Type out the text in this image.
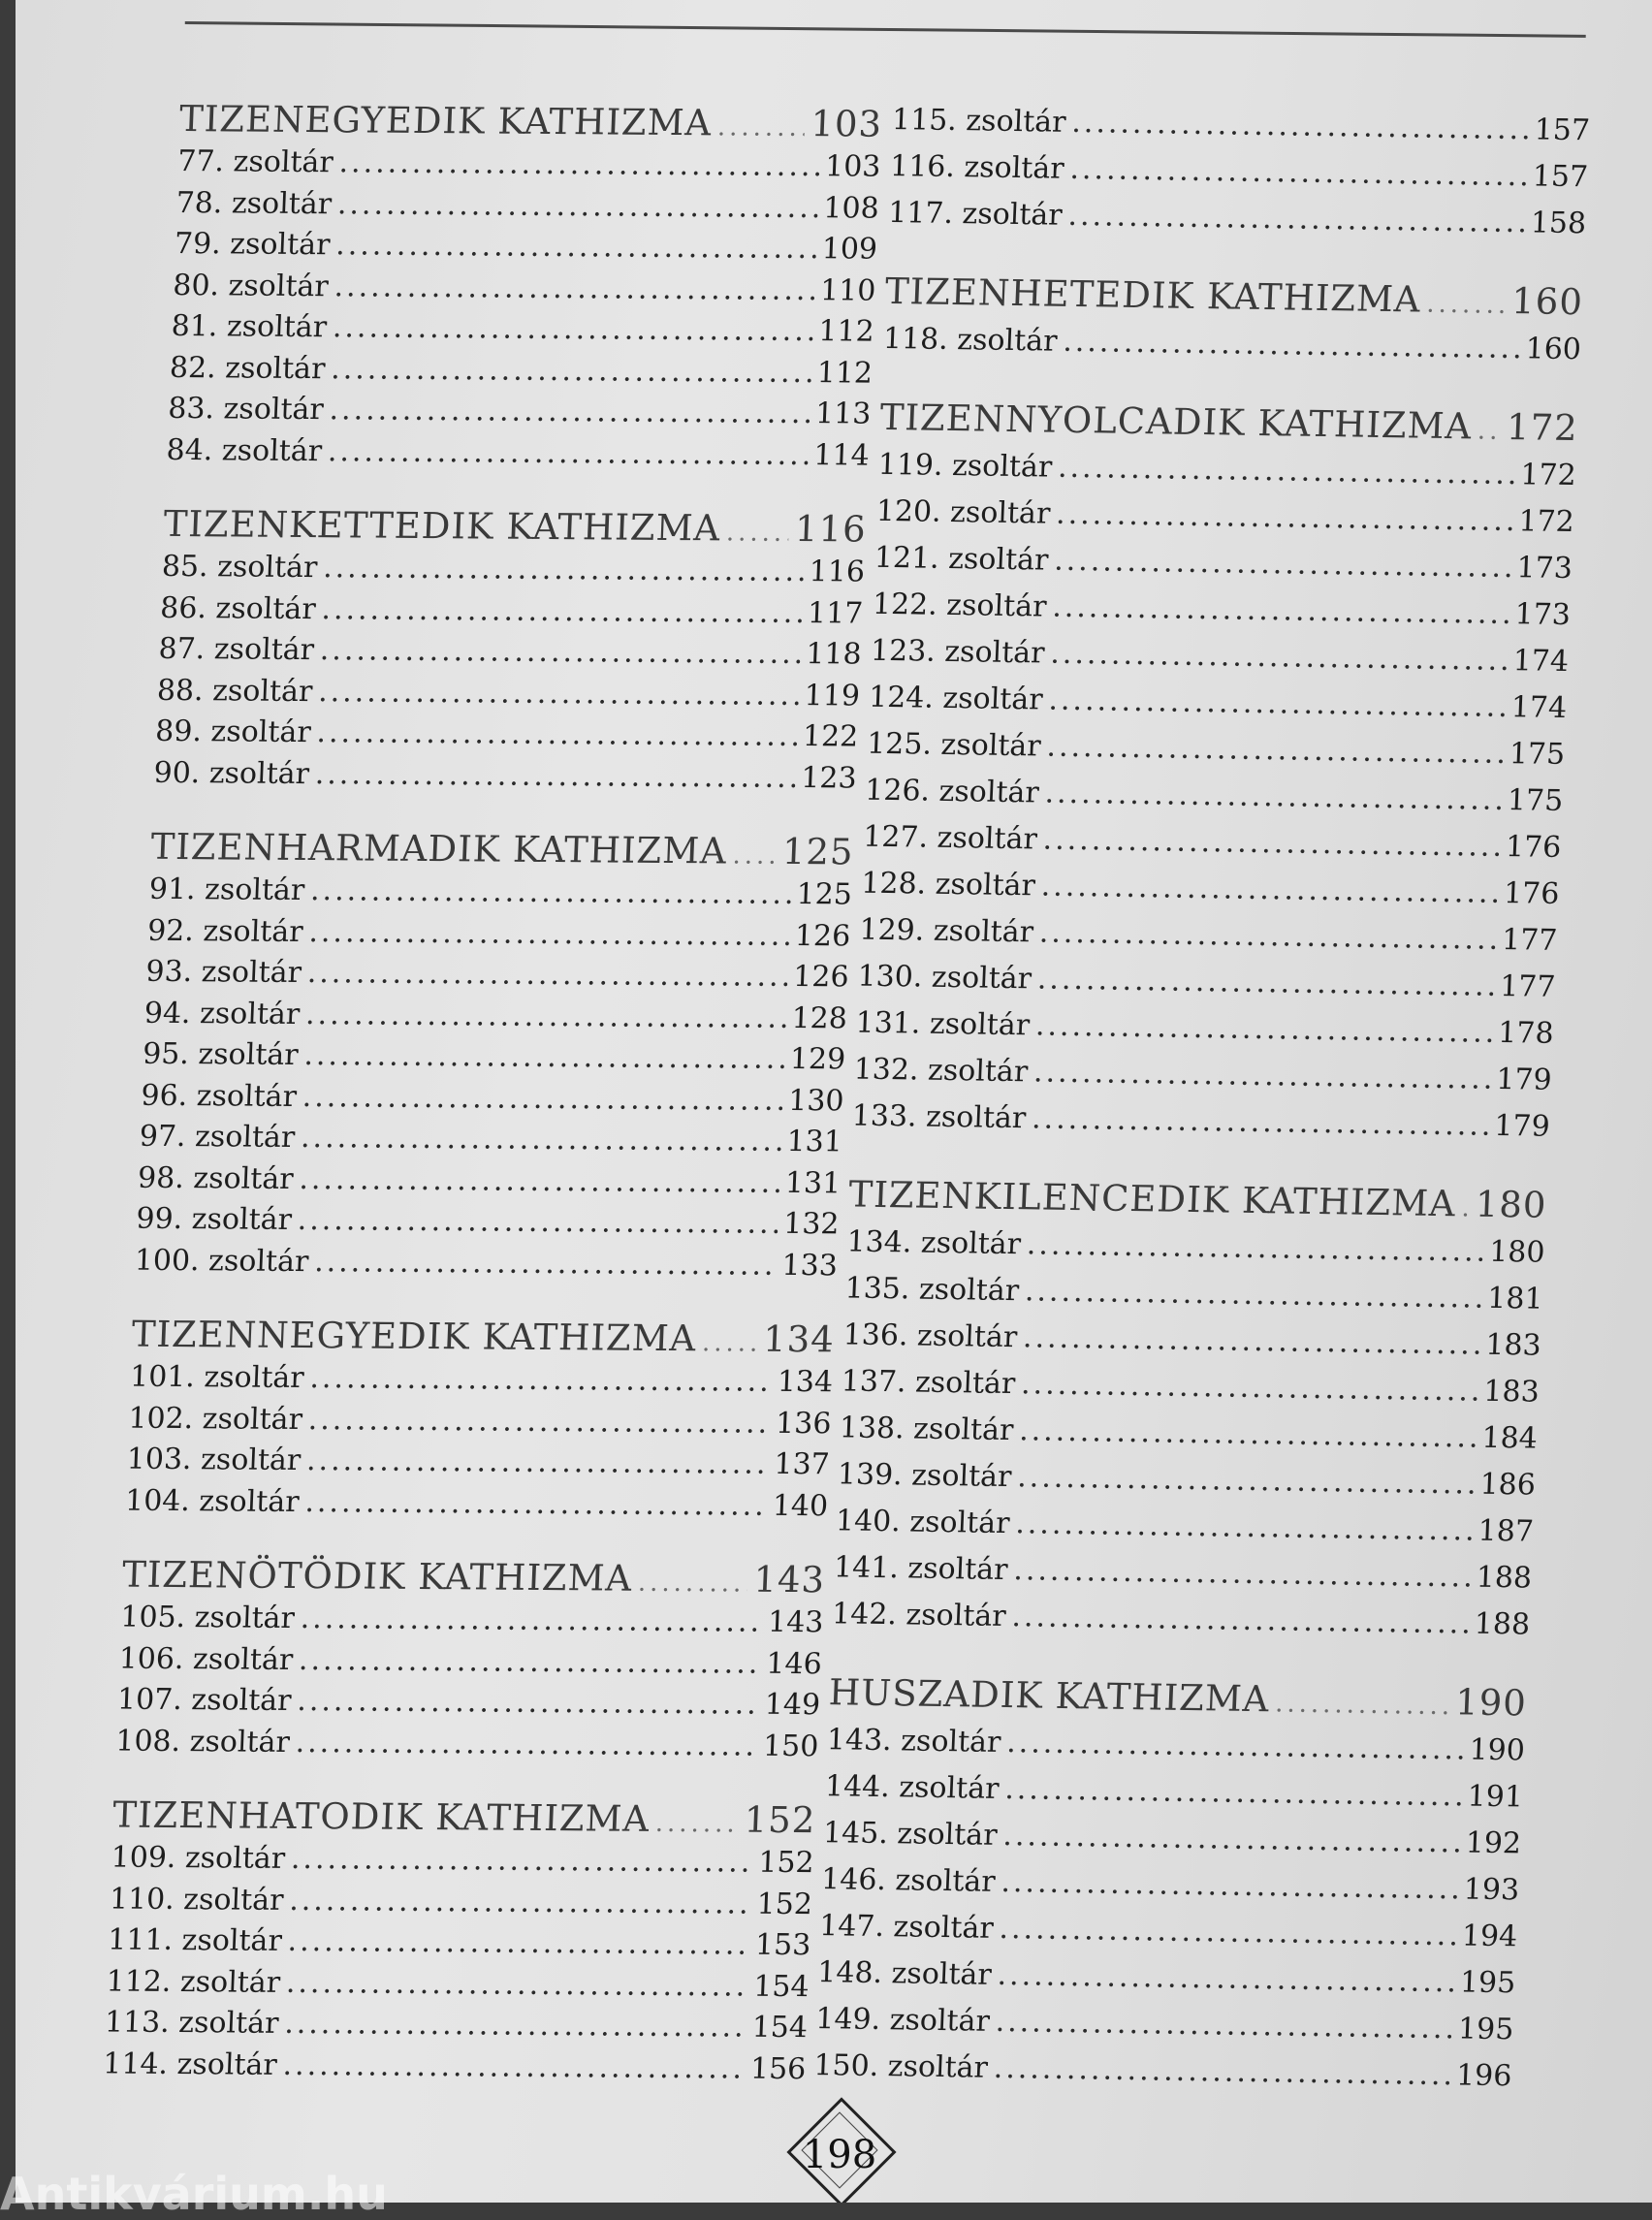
TIZENEGYEDIK KATHIZMA .....	103
77. zsoltár .....	103
78. zsoltár .....	108
79. zsoltár .....	109
80. zsoltár .....	110
81. zsoltár .....	112
82. zsoltár .....	112
83. zsoltár .....	113
84. zsoltár .....	114
TIZENKETTEDIK KATHIZMA ..... 116
85. zsoltár .....	116
86. zsoltár .....	117
87. zsoltár .....	118
88. zsoltár .....	119
89. zsoltár .....	122
90. zsoltár .....	123
TIZENHARMADIK KATHIZMA ..... 125
91. zsoltár .....	125
92. zsoltár .....	126
93. zsoltár .....	126
94. zsoltár .....	128
95. zsoltár .....	129
96. zsoltár .....	130
97. zsoltár .....	131
98. zsoltár .....	131
99. zsoltár .....	132
100. zsoltár .....	133
TIZENNEGYEDIK KATHIZMA ..... 134
101. zsoltár .....	134
102. zsoltár .....	136
103. zsoltár .....	137
104. zsoltár .....	140
TIZENÖTÖDIK KATHIZMA .....	143
105. zsoltár .....	143
106. zsoltár .....	146
107. zsoltár .....	149
108. zsoltár .....	150
TIZENHATODIK KATHIZMA .....	152
109. zsoltár .....	152
110. zsoltár .....	152
111. zsoltár .....	153
112. zsoltár .....	154
113. zsoltár .....	154
114. zsoltár .....	156
115. zsoltár .....	157
116. zsoltár .....	157
117. zsoltár .....	158
TIZENHETEDIK KATHIZMA ..... 160
118. zsoltár .....	160
TIZENNYOLCADIK KATHIZMA ..... 172
119. zsoltár .....	172
120. zsoltár .....	172
121. zsoltár .....	173
122. zsoltár .....	173
123. zsoltár .....	174
124. zsoltár .....	174
125. zsoltár .....	175
126. zsoltár .....	175
127. zsoltár .....	176
128. zsoltár .....	176
129. zsoltár .....	177
130. zsoltár .....	177
131. zsoltár .....	178
132. zsoltár .....	179
133. zsoltár .....	179
TIZENKILENCEDIK KATHIZMA ..... 180
134. zsoltár .....	180
135. zsoltár .....	181
136. zsoltár .....	183
137. zsoltár .....	183
138. zsoltár .....	184
139. zsoltár .....	186
140. zsoltár .....	187
141. zsoltár .....	188
142. zsoltár .....	188
HUSZADIK KATHIZMA .....	190
143. zsoltár .....	190
144. zsoltár .....	191
145. zsoltár .....	192
146. zsoltár .....	193
147. zsoltár .....	194
148. zsoltár .....	195
149. zsoltár .....	195
150. zsoltár .....	196
198
Antikvárium.hu
